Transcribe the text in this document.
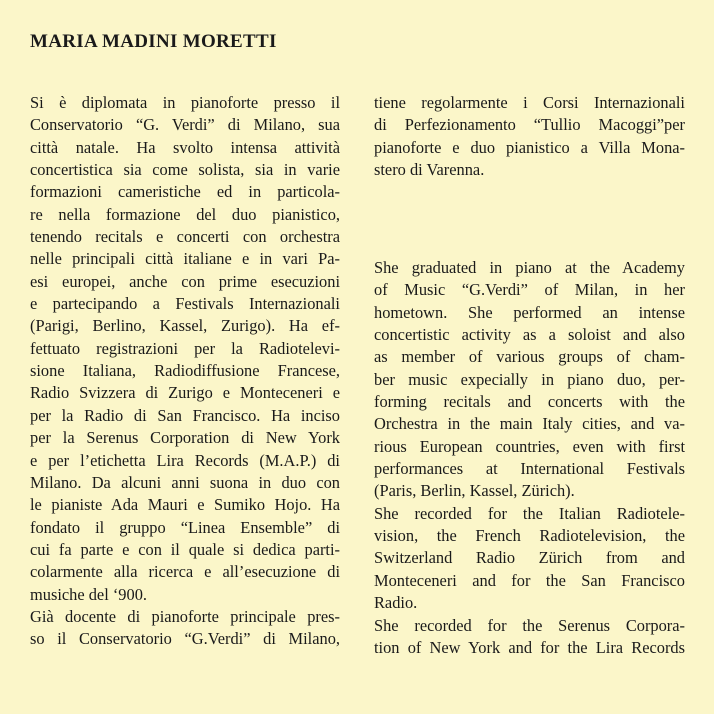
MARIA MADINI MORETTI
Si è diplomata in pianoforte presso il
Conservatorio “G. Verdi” di Milano, sua
città natale. Ha svolto intensa attività
concertistica sia come solista, sia in varie
formazioni cameristiche ed in particola-
re nella formazione del duo pianistico,
tenendo recitals e concerti con orchestra
nelle principali città italiane e in vari Pa-
esi europei, anche con prime esecuzioni
e partecipando a Festivals Internazionali
(Parigi, Berlino, Kassel, Zurigo). Ha ef-
fettuato registrazioni per la Radiotelevi-
sione Italiana, Radiodiffusione Francese,
Radio Svizzera di Zurigo e Monteceneri e
per la Radio di San Francisco. Ha inciso
per la Serenus Corporation di New York
e per l’etichetta Lira Records (M.A.P.) di
Milano. Da alcuni anni suona in duo con
le pianiste Ada Mauri e Sumiko Hojo. Ha
fondato il gruppo “Linea Ensemble” di
cui fa parte e con il quale si dedica parti-
colarmente alla ricerca e all’esecuzione di
musiche del ‘900.
Già docente di pianoforte principale pres-
so il Conservatorio “G.Verdi” di Milano,
tiene regolarmente i Corsi Internazionali
di Perfezionamento “Tullio Macoggi”per
pianoforte e duo pianistico a Villa Mona-
stero di Varenna.
She graduated in piano at the Academy
of Music “G.Verdi” of Milan, in her
hometown. She performed an intense
concertistic activity as a soloist and also
as member of various groups of cham-
ber music expecially in piano duo, per-
forming recitals and concerts with the
Orchestra in the main Italy cities, and va-
rious European countries, even with first
performances at International Festivals
(Paris, Berlin, Kassel, Zürich).
She recorded for the Italian Radiotele-
vision, the French Radiotelevision, the
Switzerland Radio Zürich from and
Monteceneri and for the San Francisco
Radio.
She recorded for the Serenus Corpora-
tion of New York and for the Lira Records
